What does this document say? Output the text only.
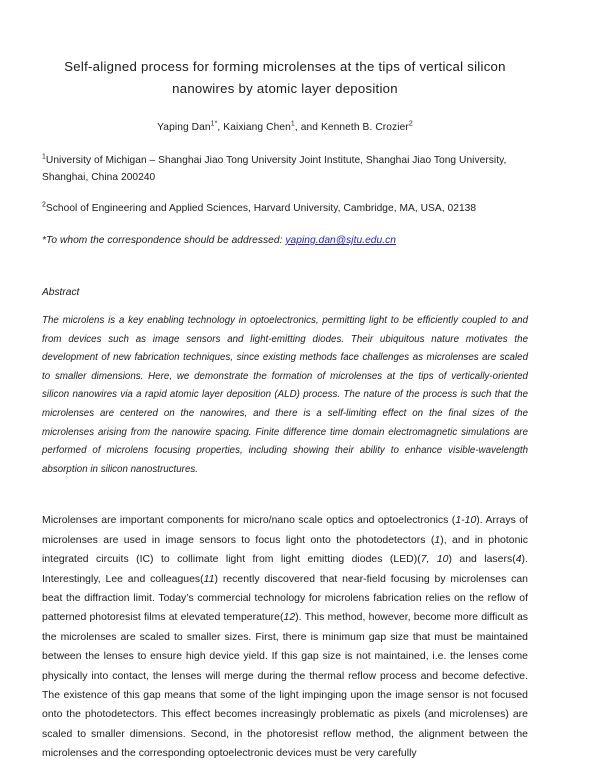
Self-aligned process for forming microlenses at the tips of vertical silicon nanowires by atomic layer deposition

Yaping Dan$^{1*}$, Kaixiang Chen$^1$, and Kenneth B. Crozier$^2$

$^1$University of Michigan – Shanghai Jiao Tong University Joint Institute, Shanghai Jiao Tong University, Shanghai, China 200240

$^2$School of Engineering and Applied Sciences, Harvard University, Cambridge, MA, USA, 02138

*To whom the correspondence should be addressed: yaping.dan@sjtu.edu.cn

Abstract

The microlens is a key enabling technology in optoelectronics, permitting light to be efficiently coupled to and from devices such as image sensors and light-emitting diodes. Their ubiquitous nature motivates the development of new fabrication techniques, since existing methods face challenges as microlenses are scaled to smaller dimensions. Here, we demonstrate the formation of microlenses at the tips of vertically-oriented silicon nanowires via a rapid atomic layer deposition (ALD) process. The nature of the process is such that the microlenses are centered on the nanowires, and there is a self-limiting effect on the final sizes of the microlenses arising from the nanowire spacing. Finite difference time domain electromagnetic simulations are performed of microlens focusing properties, including showing their ability to enhance visible-wavelength absorption in silicon nanostructures.

Microlenses are important components for micro/nano scale optics and optoelectronics (1-10). Arrays of microlenses are used in image sensors to focus light onto the photodetectors (1), and in photonic integrated circuits (IC) to collimate light from light emitting diodes (LED)(7, 10) and lasers(4). Interestingly, Lee and colleagues(11) recently discovered that near-field focusing by microlenses can beat the diffraction limit. Today’s commercial technology for microlens fabrication relies on the reflow of patterned photoresist films at elevated temperature(12). This method, however, become more difficult as the microlenses are scaled to smaller sizes. First, there is minimum gap size that must be maintained between the lenses to ensure high device yield. If this gap size is not maintained, i.e. the lenses come physically into contact, the lenses will merge during the thermal reflow process and become defective. The existence of this gap means that some of the light impinging upon the image sensor is not focused onto the photodetectors. This effect becomes increasingly problematic as pixels (and microlenses) are scaled to smaller dimensions. Second, in the photoresist reflow method, the alignment between the microlenses and the corresponding optoelectronic devices must be very carefully
